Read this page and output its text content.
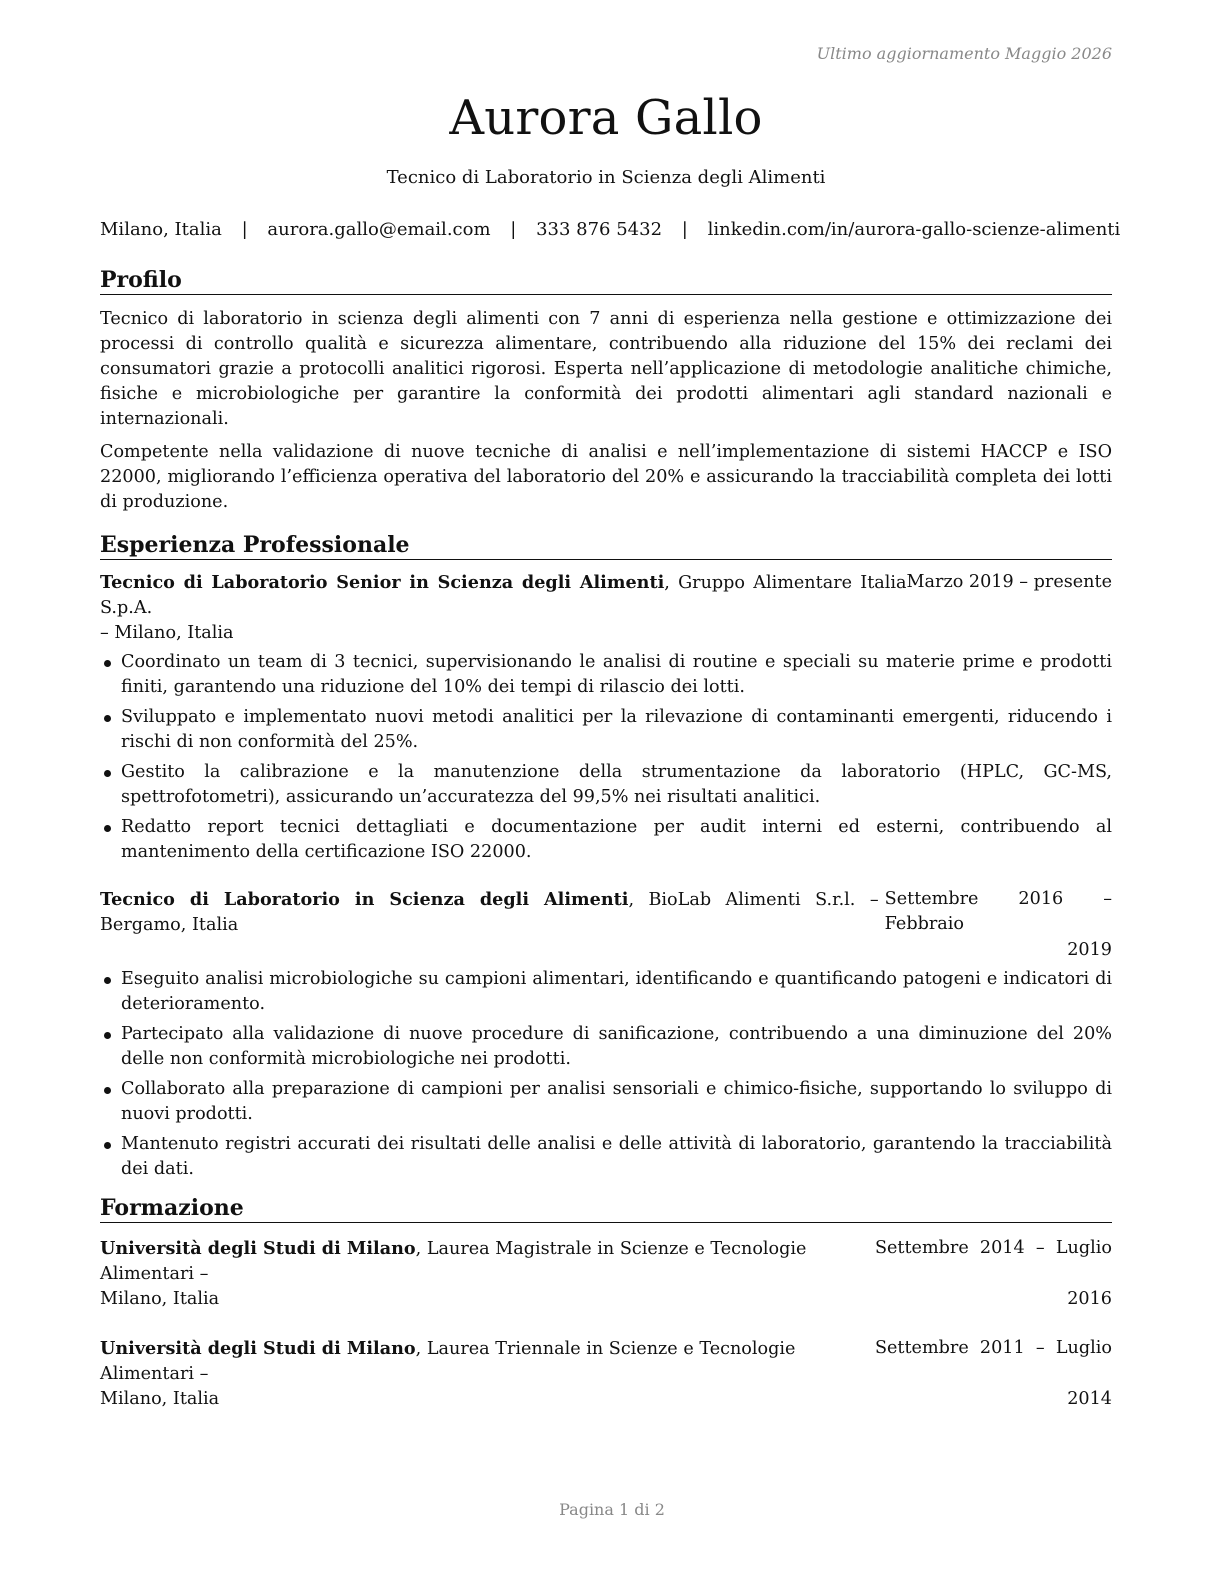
Ultimo aggiornamento Maggio 2026
Aurora Gallo
Tecnico di Laboratorio in Scienza degli Alimenti
Milano, Italia | aurora.gallo@email.com | 333 876 5432 | linkedin.com/in/aurora-gallo-scienze-alimenti
Profilo

Tecnico di laboratorio in scienza degli alimenti con 7 anni di esperienza nella gestione e ottimizzazione dei processi di controllo qualità e sicurezza alimentare, contribuendo alla riduzione del 15% dei reclami dei consumatori grazie a protocolli analitici rigorosi. Esperta nell’applicazione di metodologie analitiche chimiche, fisiche e microbiologiche per garantire la conformità dei prodotti alimentari agli standard nazionali e internazionali.

Competente nella validazione di nuove tecniche di analisi e nell’implementazione di sistemi HACCP e ISO 22000, migliorando l’efficienza operativa del laboratorio del 20% e assicurando la tracciabilità completa dei lotti di produzione.

Esperienza Professionale
Marzo 2019 – presente
Tecnico di Laboratorio Senior in Scienza degli Alimenti, Gruppo Alimentare Italia S.p.A.
– Milano, Italia
Coordinato un team di 3 tecnici, supervisionando le analisi di routine e speciali su materie prime e prodotti finiti, garantendo una riduzione del 10% dei tempi di rilascio dei lotti.
Sviluppato e implementato nuovi metodi analitici per la rilevazione di contaminanti emergenti, riducendo i rischi di non conformità del 25%.
Gestito la calibrazione e la manutenzione della strumentazione da laboratorio (HPLC, GC-MS, spettrofotometri), assicurando un’accuratezza del 99,5% nei risultati analitici.
Redatto report tecnici dettagliati e documentazione per audit interni ed esterni, contribuendo al mantenimento della certificazione ISO 22000.
Tecnico di Laboratorio in Scienza degli Alimenti, BioLab Alimenti S.r.l. – Bergamo, Italia
Settembre 2016 – Febbraio
2019
Eseguito analisi microbiologiche su campioni alimentari, identificando e quantificando patogeni e indicatori di deterioramento.
Partecipato alla validazione di nuove procedure di sanificazione, contribuendo a una diminuzione del 20% delle non conformità microbiologiche nei prodotti.
Collaborato alla preparazione di campioni per analisi sensoriali e chimico-fisiche, supportando lo sviluppo di nuovi prodotti.
Mantenuto registri accurati dei risultati delle analisi e delle attività di laboratorio, garantendo la tracciabilità dei dati.
Formazione
Università degli Studi di Milano, Laurea Magistrale in Scienze e Tecnologie Alimentari –
Settembre  2014  –  Luglio
Milano, Italia	2016
Università degli Studi di Milano, Laurea Triennale in Scienze e Tecnologie Alimentari –
Settembre  2011  –  Luglio
Milano, Italia	2014
Pagina 1 di 2
